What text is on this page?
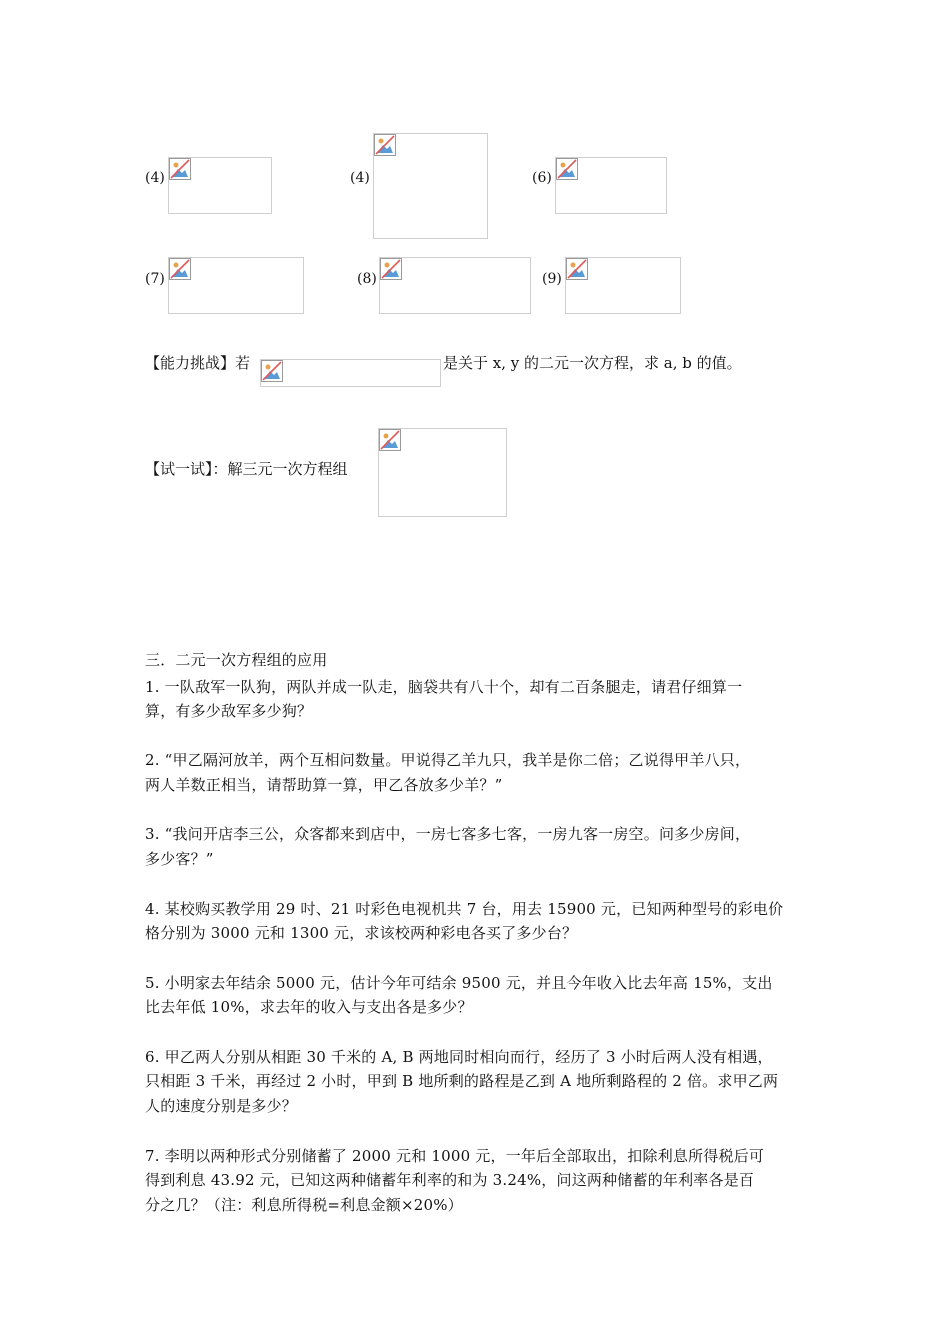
(4)	(4)	(6)
(7)	(8)	(9)
【能力挑战】若	是关于 x, y 的二元一次方程，求 a, b 的值。
【试一试】：解三元一次方程组
三．二元一次方程组的应用
1. 一队敌军一队狗，两队并成一队走，脑袋共有八十个，却有二百条腿走，请君仔细算一
算，有多少敌军多少狗？
2. “甲乙隔河放羊，两个互相问数量。甲说得乙羊九只，我羊是你二倍；乙说得甲羊八只，
两人羊数正相当，请帮助算一算，甲乙各放多少羊？”
3. “我问开店李三公，众客都来到店中，一房七客多七客，一房九客一房空。问多少房间，
多少客？”
4. 某校购买教学用 29 吋、21 吋彩色电视机共 7 台，用去 15900 元，已知两种型号的彩电价
格分别为 3000 元和 1300 元，求该校两种彩电各买了多少台？
5. 小明家去年结余 5000 元，估计今年可结余 9500 元，并且今年收入比去年高 15%，支出
比去年低 10%，求去年的收入与支出各是多少？
6. 甲乙两人分别从相距 30 千米的 A, B 两地同时相向而行，经历了 3 小时后两人没有相遇，
只相距 3 千米，再经过 2 小时，甲到 B 地所剩的路程是乙到 A 地所剩路程的 2 倍。求甲乙两
人的速度分别是多少？
7. 李明以两种形式分别储蓄了 2000 元和 1000 元，一年后全部取出，扣除利息所得税后可
得到利息 43.92 元，已知这两种储蓄年利率的和为 3.24%，问这两种储蓄的年利率各是百
分之几？（注：利息所得税=利息金额×20%）
